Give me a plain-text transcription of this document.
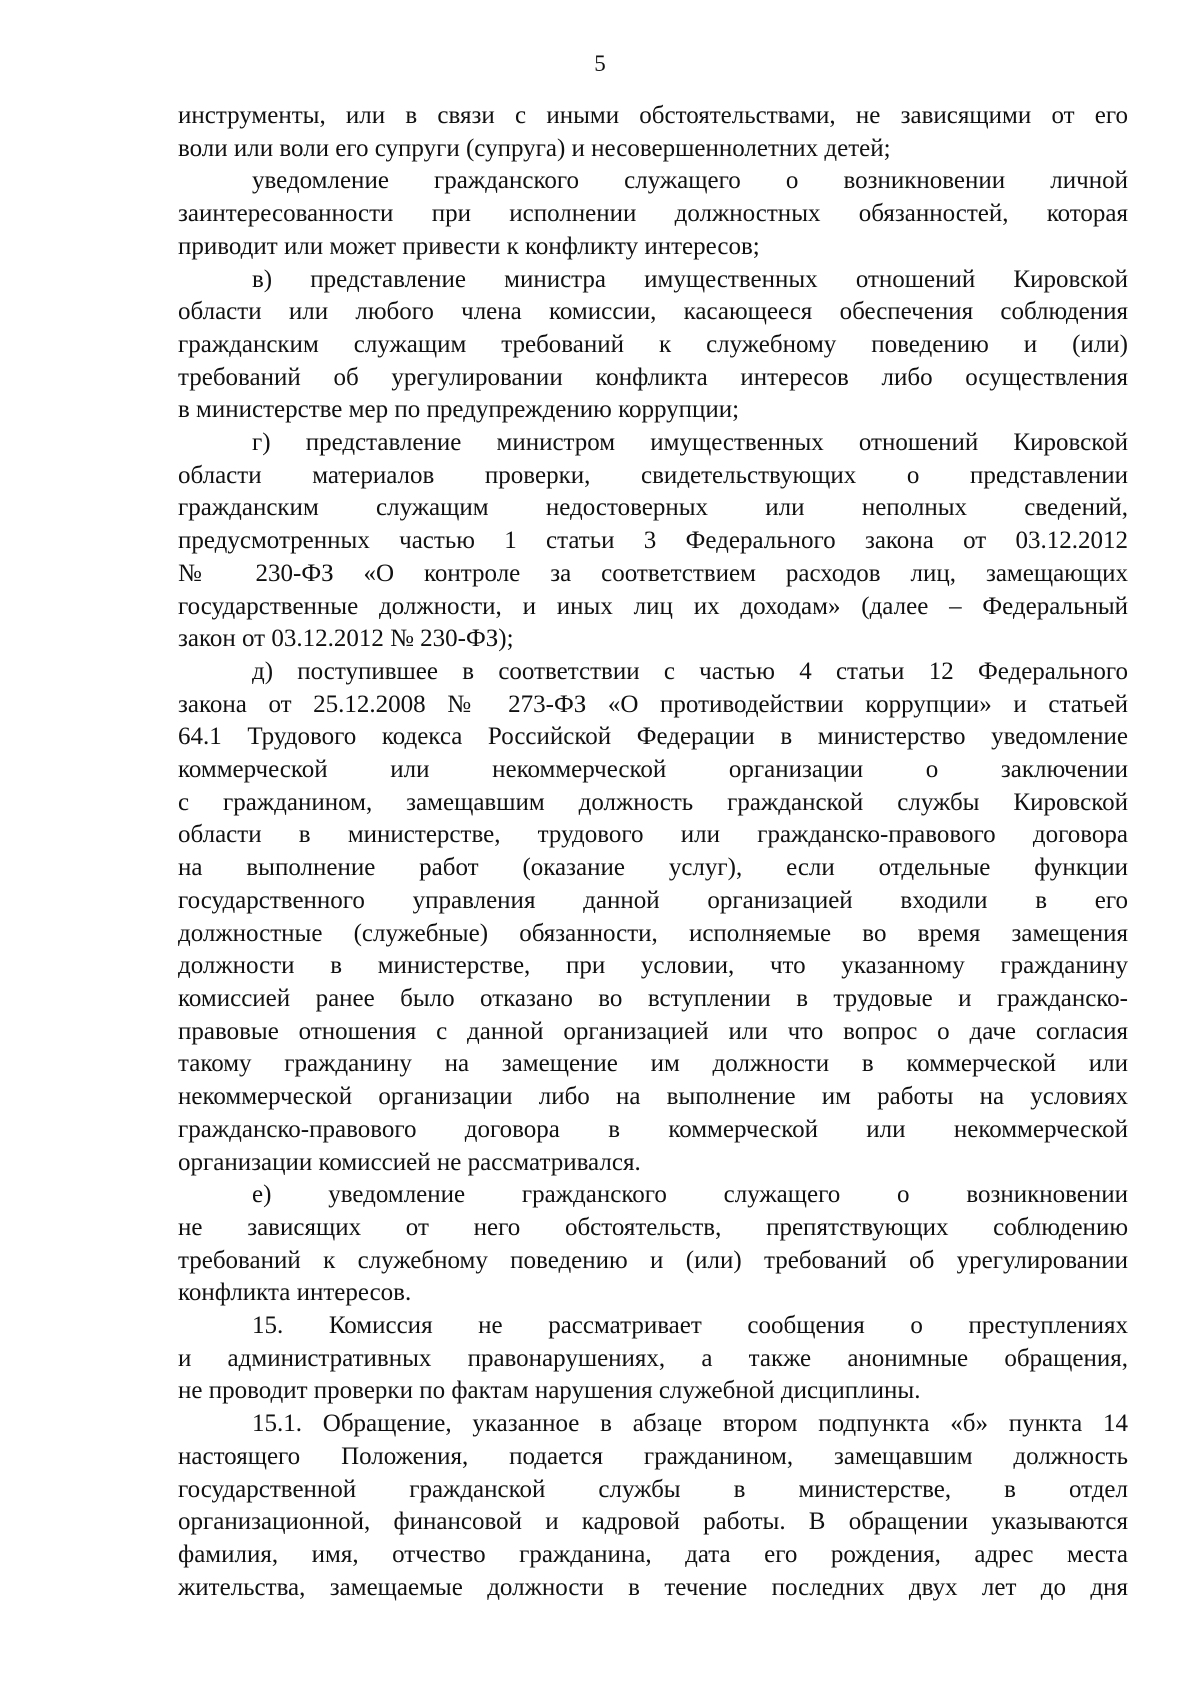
5
инструменты, или в связи с иными обстоятельствами, не зависящими от его
воли или воли его супруги (супруга) и несовершеннолетних детей;
уведомление гражданского служащего о возникновении личной
заинтересованности при исполнении должностных обязанностей, которая
приводит или может привести к конфликту интересов;
в) представление министра имущественных отношений Кировской
области или любого члена комиссии, касающееся обеспечения соблюдения
гражданским служащим требований к служебному поведению и (или)
требований об урегулировании конфликта интересов либо осуществления
в министерстве мер по предупреждению коррупции;
г) представление министром имущественных отношений Кировской
области материалов проверки, свидетельствующих о представлении
гражданским служащим недостоверных или неполных сведений,
предусмотренных частью 1 статьи 3 Федерального закона от 03.12.2012
№ 230-ФЗ «О контроле за соответствием расходов лиц, замещающих
государственные должности, и иных лиц их доходам» (далее – Федеральный
закон от 03.12.2012 № 230-ФЗ);
д) поступившее в соответствии с частью 4 статьи 12 Федерального
закона от 25.12.2008 № 273-ФЗ «О противодействии коррупции» и статьей
64.1 Трудового кодекса Российской Федерации в министерство уведомление
коммерческой или некоммерческой организации о заключении
с гражданином, замещавшим должность гражданской службы Кировской
области в министерстве, трудового или гражданско-правового договора
на выполнение работ (оказание услуг), если отдельные функции
государственного управления данной организацией входили в его
должностные (служебные) обязанности, исполняемые во время замещения
должности в министерстве, при условии, что указанному гражданину
комиссией ранее было отказано во вступлении в трудовые и гражданско-
правовые отношения с данной организацией или что вопрос о даче согласия
такому гражданину на замещение им должности в коммерческой или
некоммерческой организации либо на выполнение им работы на условиях
гражданско-правового договора в коммерческой или некоммерческой
организации комиссией не рассматривался.
е) уведомление гражданского служащего о возникновении
не зависящих от него обстоятельств, препятствующих соблюдению
требований к служебному поведению и (или) требований об урегулировании
конфликта интересов.
15. Комиссия не рассматривает сообщения о преступлениях
и административных правонарушениях, а также анонимные обращения,
не проводит проверки по фактам нарушения служебной дисциплины.
15.1. Обращение, указанное в абзаце втором подпункта «б» пункта 14
настоящего Положения, подается гражданином, замещавшим должность
государственной гражданской службы в министерстве, в отдел
организационной, финансовой и кадровой работы. В обращении указываются
фамилия, имя, отчество гражданина, дата его рождения, адрес места
жительства, замещаемые должности в течение последних двух лет до дня
